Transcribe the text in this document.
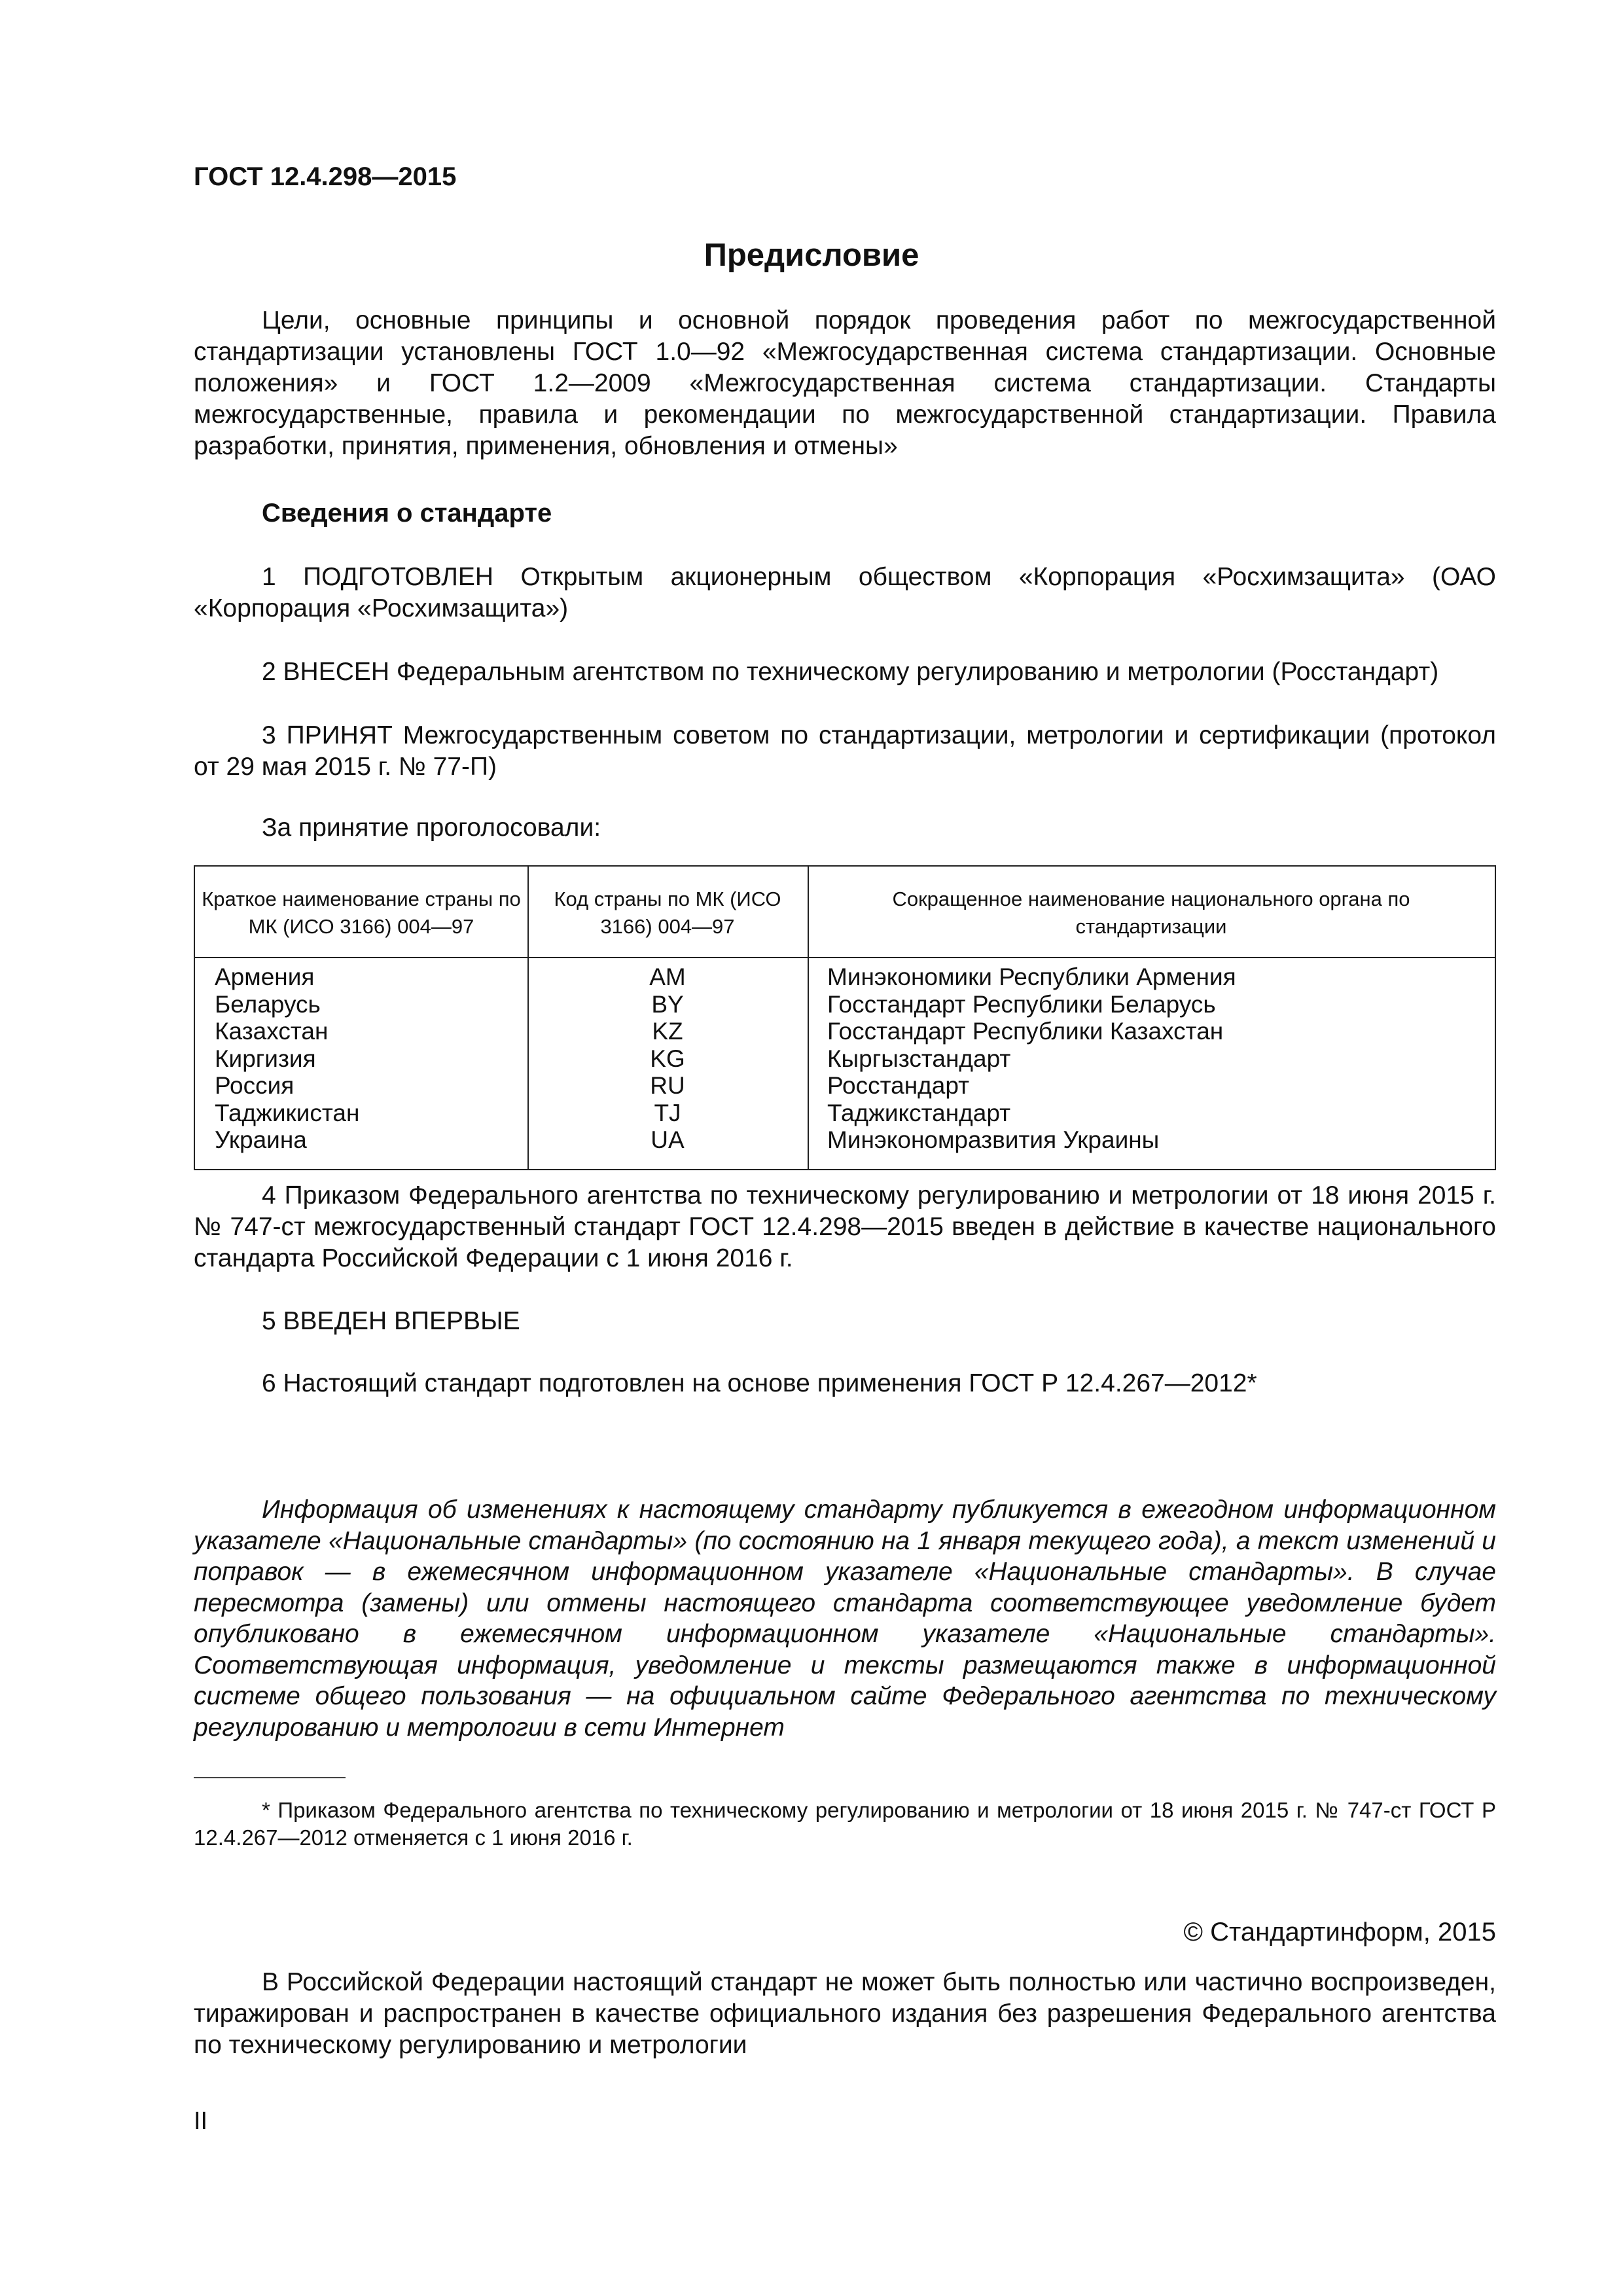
ГОСТ 12.4.298—2015
Предисловие

Цели, основные принципы и основной порядок проведения работ по межгосударственной стандартизации установлены ГОСТ 1.0—92 «Межгосударственная система стандартизации. Основные положения» и ГОСТ 1.2—2009 «Межгосударственная система стандартизации. Стандарты межгосударственные, правила и рекомендации по межгосударственной стандартизации. Правила разработки, принятия, применения, обновления и отмены»

Сведения о стандарте

1 ПОДГОТОВЛЕН Открытым акционерным обществом «Корпорация «Росхимзащита» (ОАО «Корпорация «Росхимзащита»)

2 ВНЕСЕН Федеральным агентством по техническому регулированию и метрологии (Росстандарт)

3 ПРИНЯТ Межгосударственным советом по стандартизации, метрологии и сертификации (протокол от 29 мая 2015 г. № 77-П)

За принятие проголосовали:
Краткое наименование страны по МК (ИСО 3166) 004—97
Код страны по МК (ИСО 3166) 004—97
Сокращенное наименование национального органа по стандартизации
Армения
Беларусь
Казахстан
Киргизия
Россия
Таджикистан
Украина
AM
BY
KZ
KG
RU
TJ
UA
Минэкономики Республики Армения
Госстандарт Республики Беларусь
Госстандарт Республики Казахстан
Кыргызстандарт
Росстандарт
Таджикстандарт
Минэкономразвития Украины

4 Приказом Федерального агентства по техническому регулированию и метрологии от 18 июня 2015 г. № 747-ст межгосударственный стандарт ГОСТ 12.4.298—2015 введен в действие в качестве национального стандарта Российской Федерации с 1 июня 2016 г.

5 ВВЕДЕН ВПЕРВЫЕ

6 Настоящий стандарт подготовлен на основе применения ГОСТ Р 12.4.267—2012*

Информация об изменениях к настоящему стандарту публикуется в ежегодном информационном указателе «Национальные стандарты» (по состоянию на 1 января текущего года), а текст изменений и поправок — в ежемесячном информационном указателе «Национальные стандарты». В случае пересмотра (замены) или отмены настоящего стандарта соответствующее уведомление будет опубликовано в ежемесячном информационном указателе «Национальные стандарты». Соответствующая информация, уведомление и тексты размещаются также в информационной системе общего пользования — на официальном сайте Федерального агентства по техническому регулированию и метрологии в сети Интернет

* Приказом Федерального агентства по техническому регулированию и метрологии от 18 июня 2015 г. № 747-ст ГОСТ Р 12.4.267—2012 отменяется с 1 июня 2016 г.

© Стандартинформ, 2015

В Российской Федерации настоящий стандарт не может быть полностью или частично воспроизведен, тиражирован и распространен в качестве официального издания без разрешения Федерального агентства по техническому регулированию и метрологии

II
